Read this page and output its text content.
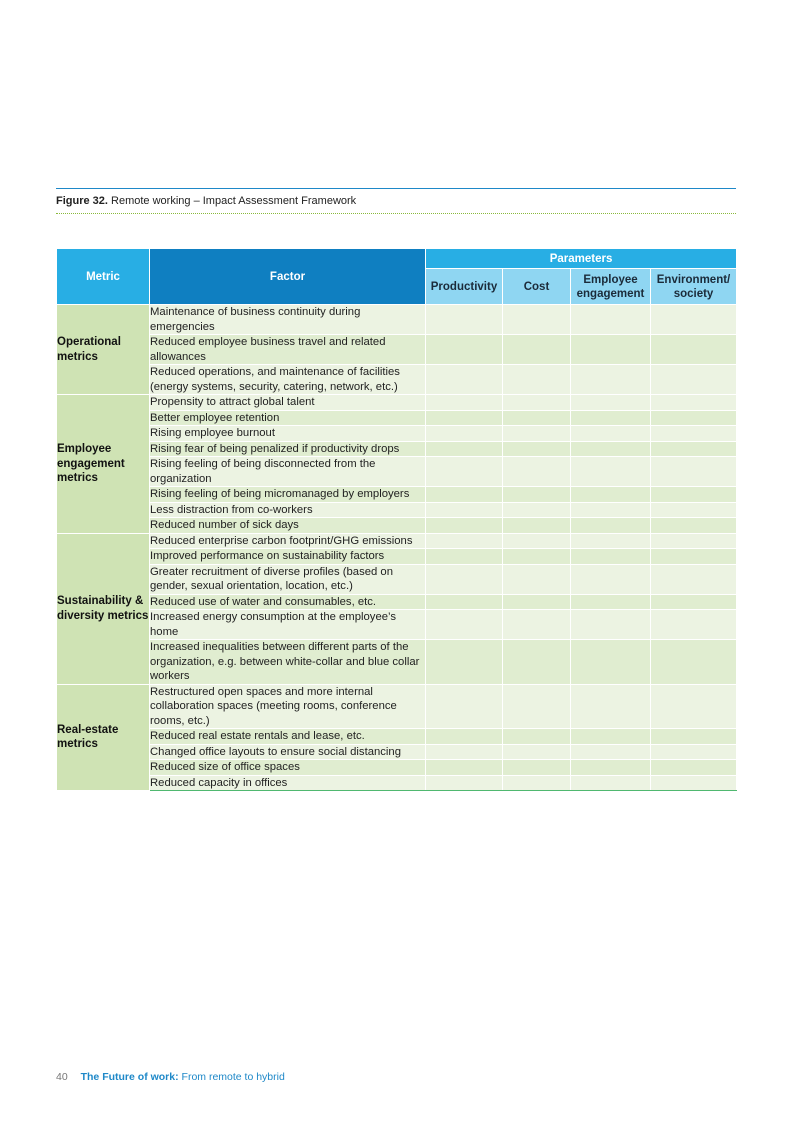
Figure 32. Remote working – Impact Assessment Framework
Metric	Factor	Parameters			
		Productivity	Cost	Employee engagement	Environment/ society
Operational metrics	Maintenance of business continuity during emergencies				
	Reduced employee business travel and related allowances				
	Reduced operations, and maintenance of facilities (energy systems, security, catering, network, etc.)				
Employee engagement metrics	Propensity to attract global talent				
	Better employee retention				
	Rising employee burnout				
	Rising fear of being penalized if productivity drops				
	Rising feeling of being disconnected from the organization				
	Rising feeling of being micromanaged by employers				
	Less distraction from co-workers				
	Reduced number of sick days				
Sustainability & diversity metrics	Reduced enterprise carbon footprint/GHG emissions				
	Improved performance on sustainability factors				
	Greater recruitment of diverse profiles (based on gender, sexual orientation, location, etc.)				
	Reduced use of water and consumables, etc.				
	Increased energy consumption at the employee’s home				
	Increased inequalities between different parts of the organization, e.g. between white-collar and blue collar workers				
Real-estate metrics	Restructured open spaces and more internal collaboration spaces (meeting rooms, conference rooms, etc.)				
	Reduced real estate rentals and lease, etc.				
	Changed office layouts to ensure social distancing				
	Reduced size of office spaces				
	Reduced capacity in offices				
40 The Future of work: From remote to hybrid
